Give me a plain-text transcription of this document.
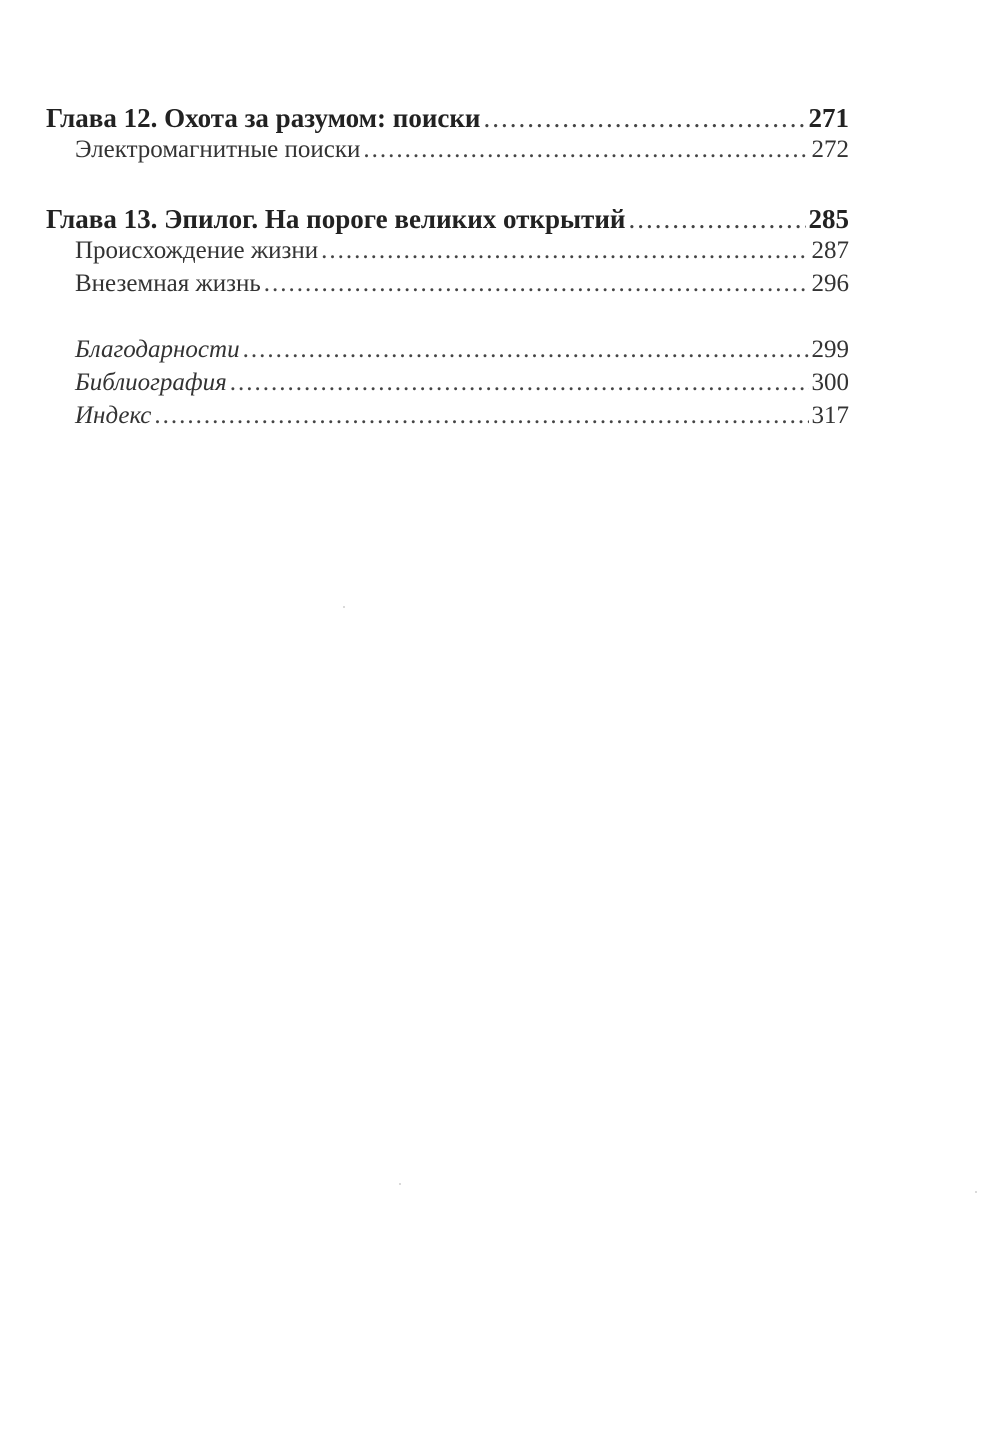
Глава 12. Охота за разумом: поиски .....	271
Электромагнитные поиски .....	272
Глава 13. Эпилог. На пороге великих открытий .....	285
Происхождение жизни .....	287
Внеземная жизнь .....	296
Благодарности .....	299
Библиография .....	300
Индекс .....	317
